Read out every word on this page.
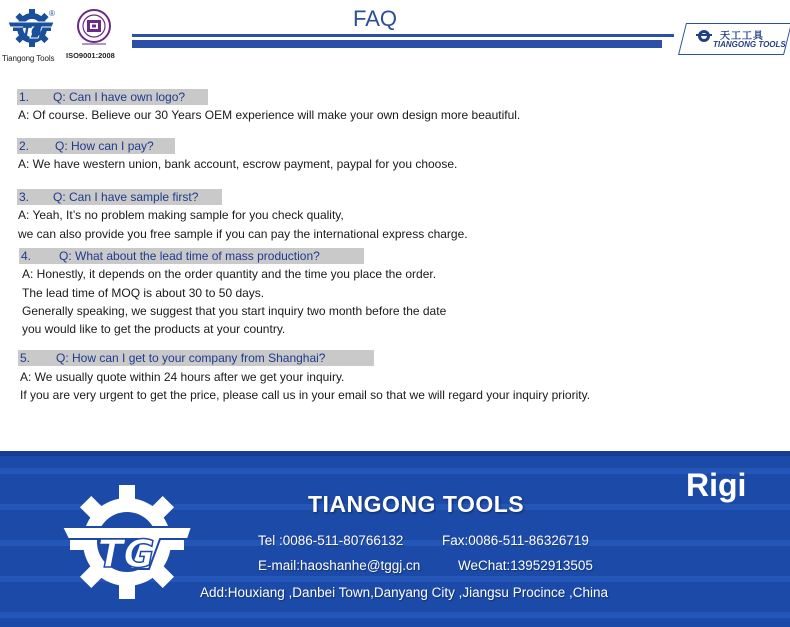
TG
®
Tiangong Tools ISO9001:2008
FAQ
天工工具
TIANGONG TOOLS
1. Q: Can I have own logo?
A: Of course. Believe our 30 Years OEM experience will make your own design more beautiful.
2. Q: How can I pay?
A: We have western union, bank account, escrow payment, paypal for you choose.
3. Q: Can I have sample first?
A: Yeah, It’s no problem making sample for you check quality,
we can also provide you free sample if you can pay the international express charge.
4. Q: What about the lead time of mass production?
A: Honestly, it depends on the order quantity and the time you place the order.
The lead time of MOQ is about 30 to 50 days.
Generally speaking, we suggest that you start inquiry two month before the date
you would like to get the products at your country.
5. Q: How can I get to your company from Shanghai?
A: We usually quote within 24 hours after we get your inquiry.
If you are very urgent to get the price, please call us in your email so that we will regard your inquiry priority.
TG
TIANGONG TOOLS
Rigi
Tel :0086-511-80766132	Fax:0086-511-86326719
E-mail:haoshanhe@tggj.cn	WeChat:13952913505
Add:Houxiang ,Danbei Town,Danyang City ,Jiangsu Procince ,China
